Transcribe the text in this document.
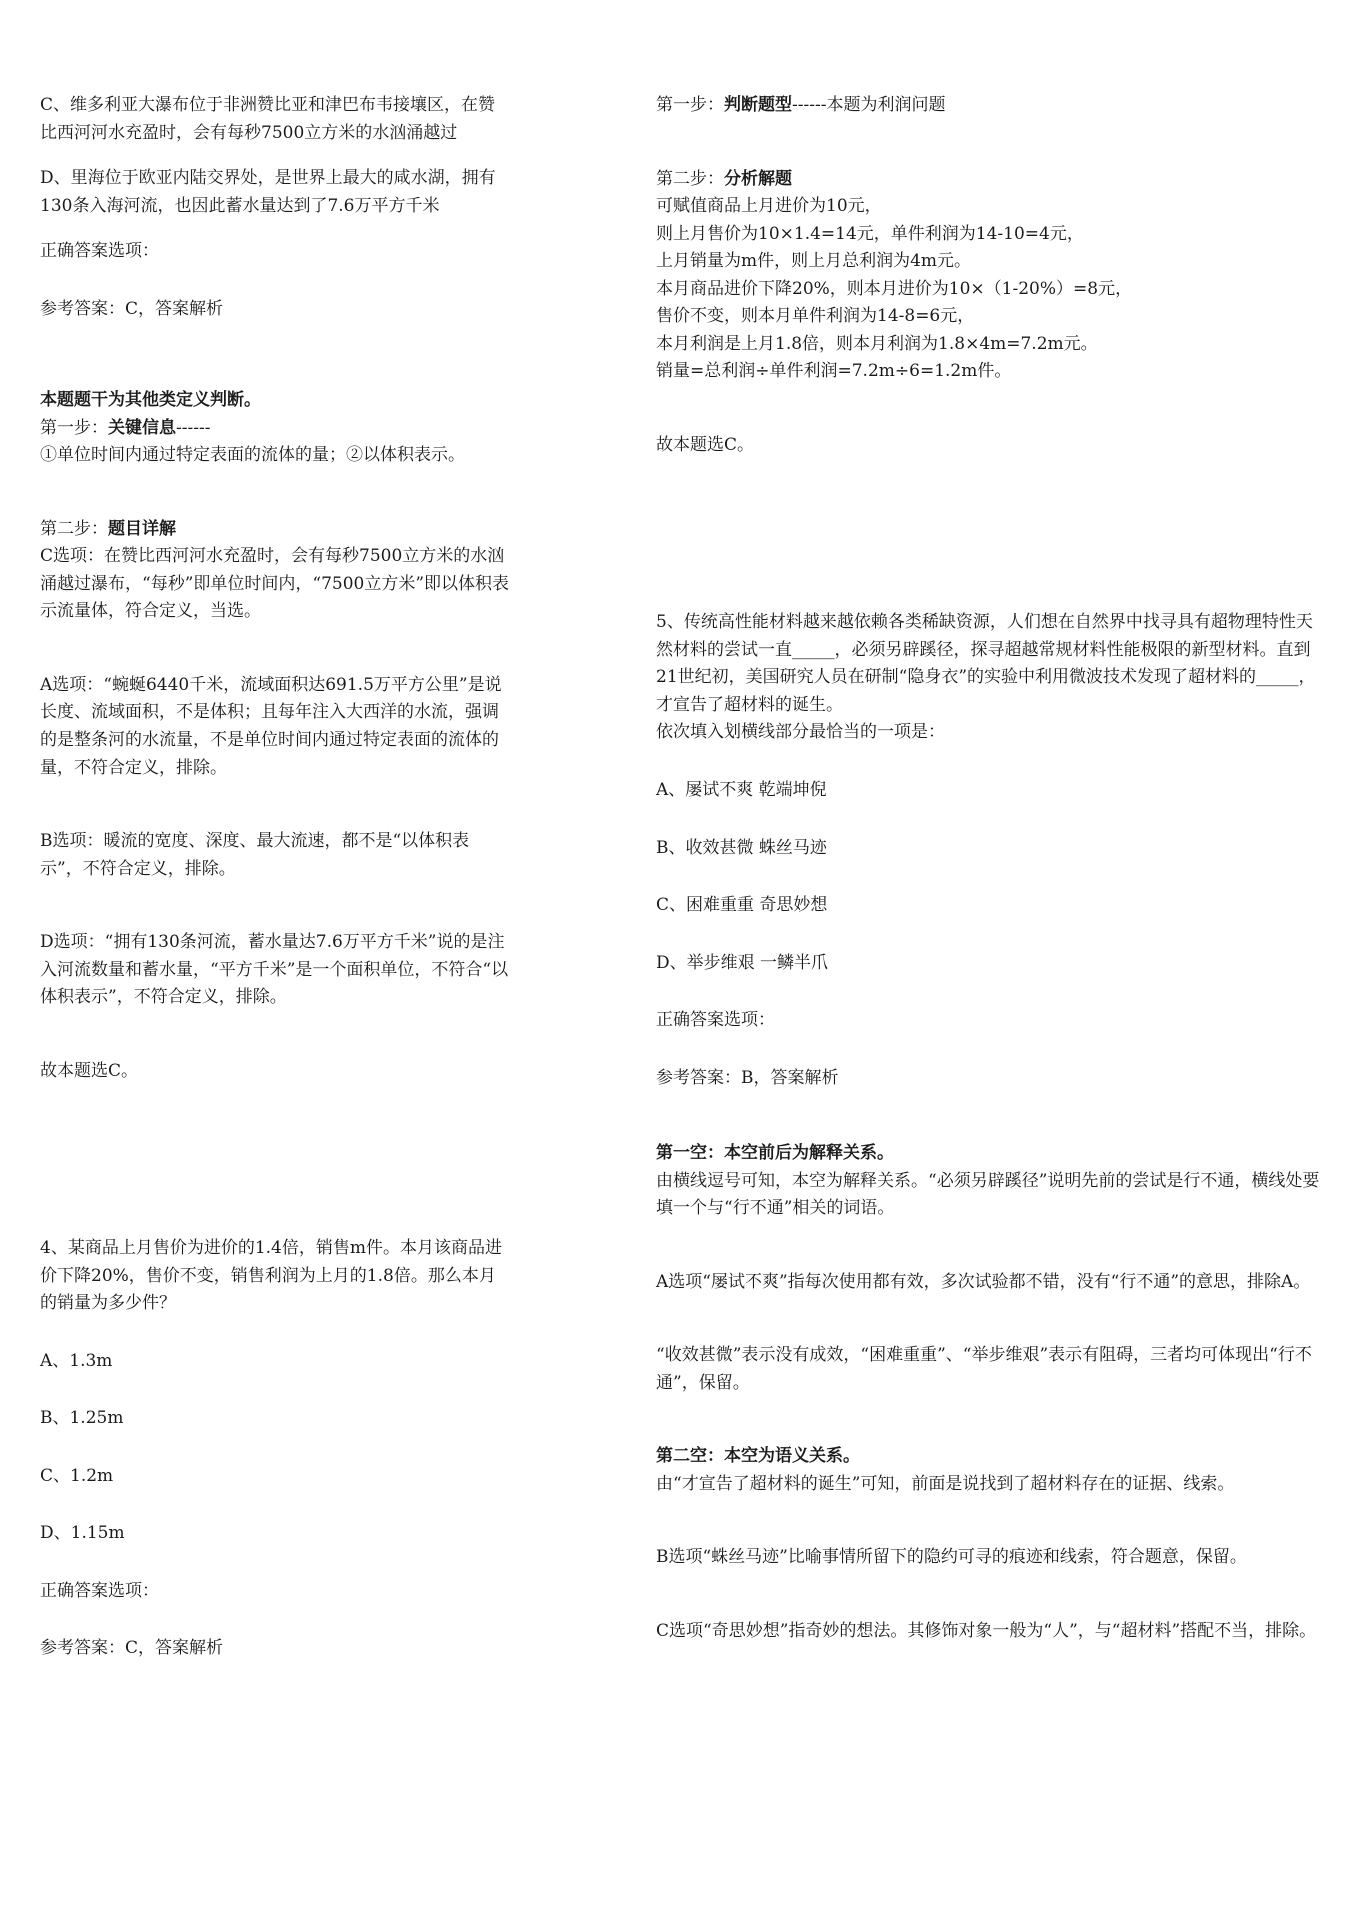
C、维多利亚大瀑布位于非洲赞比亚和津巴布韦接壤区，在赞比西河河水充盈时，会有每秒7500立方米的水汹涌越过

D、里海位于欧亚内陆交界处，是世界上最大的咸水湖，拥有130条入海河流，也因此蓄水量达到了7.6万平方千米

正确答案选项：

参考答案：C，答案解析

本题题干为其他类定义判断。

第一步：关键信息------

①单位时间内通过特定表面的流体的量；②以体积表示。

第二步：题目详解

C选项：在赞比西河河水充盈时，会有每秒7500立方米的水汹涌越过瀑布，“每秒”即单位时间内，“7500立方米”即以体积表示流量体，符合定义，当选。

A选项：“蜿蜒6440千米，流域面积达691.5万平方公里”是说长度、流域面积，不是体积；且每年注入大西洋的水流，强调的是整条河的水流量，不是单位时间内通过特定表面的流体的量，不符合定义，排除。

B选项：暖流的宽度、深度、最大流速，都不是“以体积表示”，不符合定义，排除。

D选项：“拥有130条河流，蓄水量达7.6万平方千米”说的是注入河流数量和蓄水量，“平方千米”是一个面积单位，不符合“以体积表示”，不符合定义，排除。

故本题选C。

4、某商品上月售价为进价的1.4倍，销售m件。本月该商品进价下降20%，售价不变，销售利润为上月的1.8倍。那么本月的销量为多少件？

A、1.3m

B、1.25m

C、1.2m

D、1.15m

正确答案选项：

参考答案：C，答案解析

第一步：判断题型------本题为利润问题

第二步：分析解题

可赋值商品上月进价为10元，

则上月售价为10×1.4=14元，单件利润为14-10=4元，

上月销量为m件，则上月总利润为4m元。

本月商品进价下降20%，则本月进价为10×（1-20%）=8元，

售价不变，则本月单件利润为14-8=6元，

本月利润是上月1.8倍，则本月利润为1.8×4m=7.2m元。

销量=总利润÷单件利润=7.2m÷6=1.2m件。

故本题选C。

5、传统高性能材料越来越依赖各类稀缺资源，人们想在自然界中找寻具有超物理特性天然材料的尝试一直_____，必须另辟蹊径，探寻超越常规材料性能极限的新型材料。直到21世纪初，美国研究人员在研制“隐身衣”的实验中利用微波技术发现了超材料的_____，才宣告了超材料的诞生。

依次填入划横线部分最恰当的一项是：

A、屡试不爽 乾端坤倪

B、收效甚微 蛛丝马迹

C、困难重重 奇思妙想

D、举步维艰 一鳞半爪

正确答案选项：

参考答案：B，答案解析

第一空：本空前后为解释关系。

由横线逗号可知，本空为解释关系。“必须另辟蹊径”说明先前的尝试是行不通，横线处要填一个与“行不通”相关的词语。

A选项“屡试不爽”指每次使用都有效，多次试验都不错，没有“行不通”的意思，排除A。

“收效甚微”表示没有成效，“困难重重”、“举步维艰”表示有阻碍，三者均可体现出“行不通”，保留。

第二空：本空为语义关系。

由“才宣告了超材料的诞生”可知，前面是说找到了超材料存在的证据、线索。

B选项“蛛丝马迹”比喻事情所留下的隐约可寻的痕迹和线索，符合题意，保留。

C选项“奇思妙想”指奇妙的想法。其修饰对象一般为“人”，与“超材料”搭配不当，排除。
